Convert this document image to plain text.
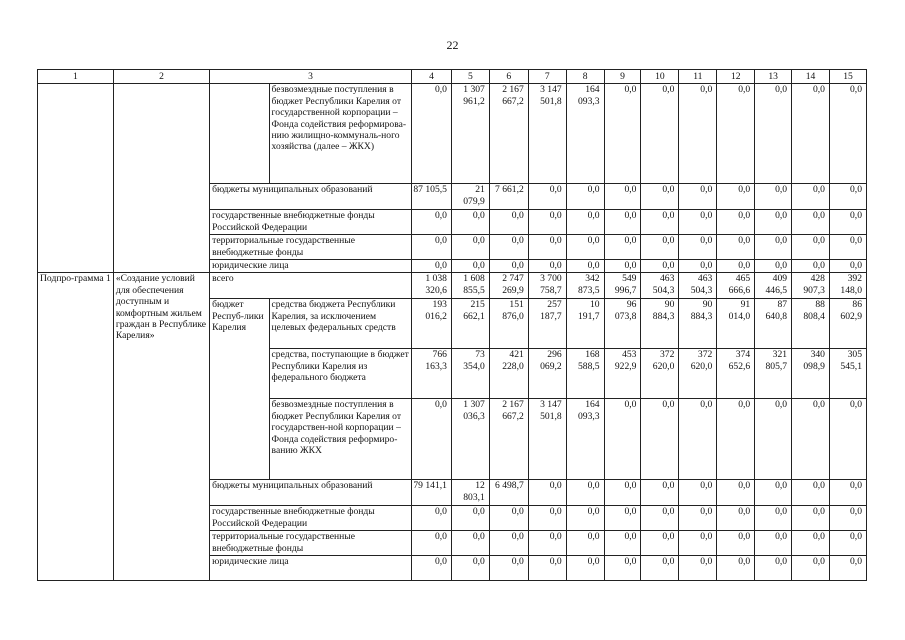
22
1	2	3		4	5	6	7	8	9	10	11	12	13	14	15
			безвозмездные поступления в бюджет Республики Карелия от государственной корпорации – Фонда содействия реформирова-нию жилищно-коммуналь-ного хозяйства (далее – ЖКХ)	0,0	1 307 961,2	2 167 667,2	3 147 501,8	164 093,3	0,0	0,0	0,0	0,0	0,0	0,0	0,0
		бюджеты муниципальных образований		87 105,5	21 079,9	7 661,2	0,0	0,0	0,0	0,0	0,0	0,0	0,0	0,0	0,0
		государственные внебюджетные фонды Российской Федерации		0,0	0,0	0,0	0,0	0,0	0,0	0,0	0,0	0,0	0,0	0,0	0,0
		территориальные государственные внебюджетные фонды		0,0	0,0	0,0	0,0	0,0	0,0	0,0	0,0	0,0	0,0	0,0	0,0
		юридические лица		0,0	0,0	0,0	0,0	0,0	0,0	0,0	0,0	0,0	0,0	0,0	0,0
Подпро-грамма 1	«Создание условий для обеспечения доступным и комфортным жильем граждан в Республике Карелия»	всего		1 038 320,6	1 608 855,5	2 747 269,9	3 700 758,7	342 873,5	549 996,7	463 504,3	463 504,3	465 666,6	409 446,5	428 907,3	392 148,0
		бюджет Респуб-лики Карелия	средства бюджета Республики Карелия, за исключением целевых федеральных средств	193 016,2	215 662,1	151 876,0	257 187,7	10 191,7	96 073,8	90 884,3	90 884,3	91 014,0	87 640,8	88 808,4	86 602,9
			средства, поступающие в бюджет Республики Карелия из федерального бюджета	766 163,3	73 354,0	421 228,0	296 069,2	168 588,5	453 922,9	372 620,0	372 620,0	374 652,6	321 805,7	340 098,9	305 545,1
			безвозмездные поступления в бюджет Республики Карелия от государствен-ной корпорации – Фонда содействия реформиро-ванию ЖКХ	0,0	1 307 036,3	2 167 667,2	3 147 501,8	164 093,3	0,0	0,0	0,0	0,0	0,0	0,0	0,0
		бюджеты муниципальных образований		79 141,1	12 803,1	6 498,7	0,0	0,0	0,0	0,0	0,0	0,0	0,0	0,0	0,0
		государственные внебюджетные фонды Российской Федерации		0,0	0,0	0,0	0,0	0,0	0,0	0,0	0,0	0,0	0,0	0,0	0,0
		территориальные государственные внебюджетные фонды		0,0	0,0	0,0	0,0	0,0	0,0	0,0	0,0	0,0	0,0	0,0	0,0
		юридические лица		0,0	0,0	0,0	0,0	0,0	0,0	0,0	0,0	0,0	0,0	0,0	0,0
